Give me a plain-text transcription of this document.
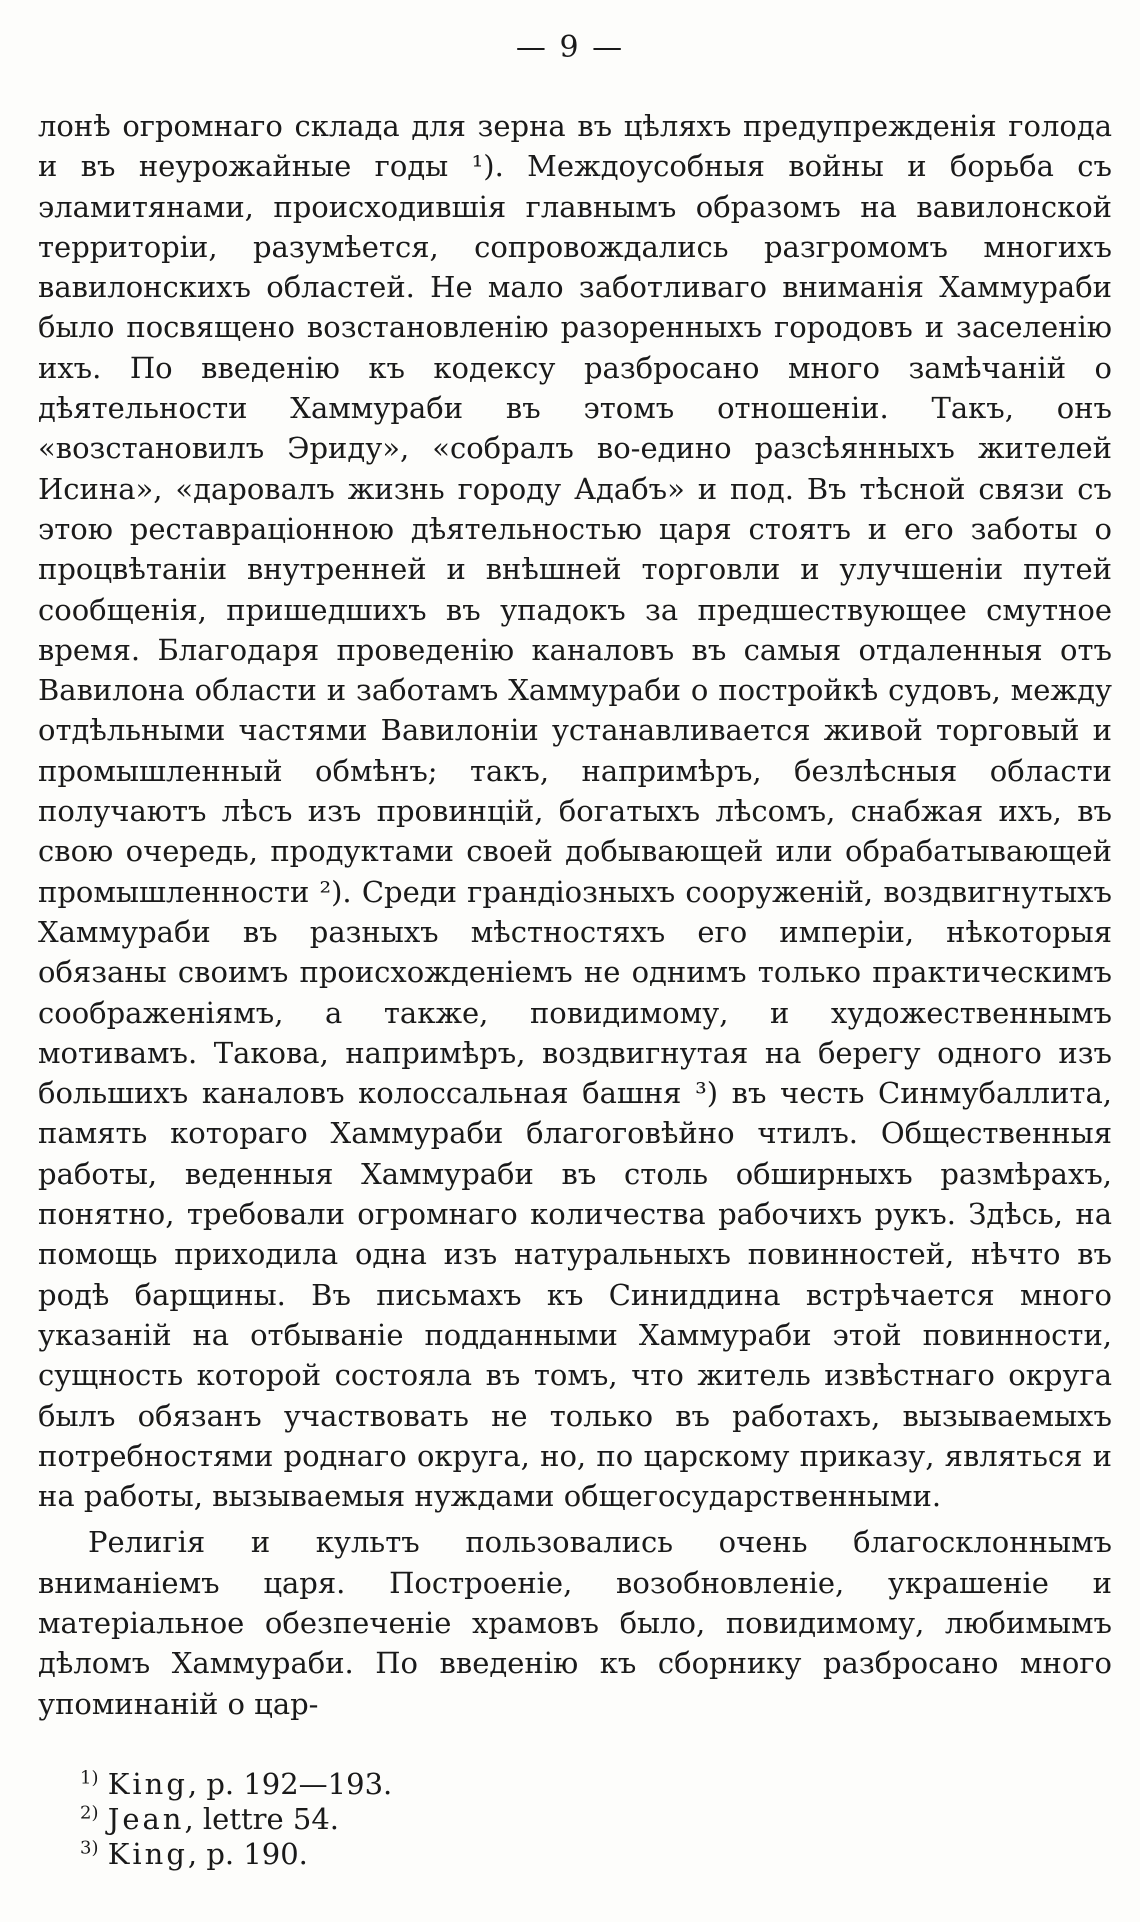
— 9 —

лонѣ огромнаго склада для зерна въ цѣляхъ предупрежденія голода и въ неурожайные годы ¹). Междоусобныя войны и борьба съ эламитянами, происходившія главнымъ образомъ на вавилонской территоріи, разумѣется, сопровождались разгромомъ многихъ вавилонскихъ областей. Не мало заботливаго вниманія Хаммураби было посвящено возстановленію разоренныхъ городовъ и заселенію ихъ. По введенію къ кодексу разбросано много замѣчаній о дѣятельности Хаммураби въ этомъ отношеніи. Такъ, онъ «возстановилъ Эриду», «собралъ во-едино разсѣянныхъ жителей Исина», «даровалъ жизнь городу Адабъ» и под. Въ тѣсной связи съ этою реставраціонною дѣятельностью царя стоятъ и его заботы о процвѣтаніи внутренней и внѣшней торговли и улучшеніи путей сообщенія, пришедшихъ въ упадокъ за предшествующее смутное время. Благодаря проведенію каналовъ въ самыя отдаленныя отъ Вавилона области и заботамъ Хаммураби о постройкѣ судовъ, между отдѣльными частями Вавилоніи устанавливается живой торговый и промышленный обмѣнъ; такъ, напримѣръ, безлѣсныя области получаютъ лѣсъ изъ провинцій, богатыхъ лѣсомъ, снабжая ихъ, въ свою очередь, продуктами своей добывающей или обрабатывающей промышленности ²). Среди грандіозныхъ сооруженій, воздвигнутыхъ Хаммураби въ разныхъ мѣстностяхъ его имперіи, нѣкоторыя обязаны своимъ происхожденіемъ не однимъ только практическимъ соображеніямъ, а также, повидимому, и художественнымъ мотивамъ. Такова, напримѣръ, воздвигнутая на берегу одного изъ большихъ каналовъ колоссальная башня ³) въ честь Синмубаллита, память котораго Хаммураби благоговѣйно чтилъ. Общественныя работы, веденныя Хаммураби въ столь обширныхъ размѣрахъ, понятно, требовали огромнаго количества рабочихъ рукъ. Здѣсь, на помощь приходила одна изъ натуральныхъ повинностей, нѣчто въ родѣ барщины. Въ письмахъ къ Синиддина встрѣчается много указаній на отбываніе подданными Хаммураби этой повинности, сущность которой состояла въ томъ, что житель извѣстнаго округа былъ обязанъ участвовать не только въ работахъ, вызываемыхъ потребностями роднаго округа, но, по царскому приказу, являться и на работы, вызываемыя нуждами общегосударственными.

Религія и культъ пользовались очень благосклоннымъ вниманіемъ царя. Построеніе, возобновленіе, украшеніе и матеріальное обезпеченіе храмовъ было, повидимому, любимымъ дѣломъ Хаммураби. По введенію къ сборнику разбросано много упоминаній о цар-

$^{1)}$ King, p. 192—193.
$^{2)}$ Jean, lettre 54.
$^{3)}$ King, p. 190.
